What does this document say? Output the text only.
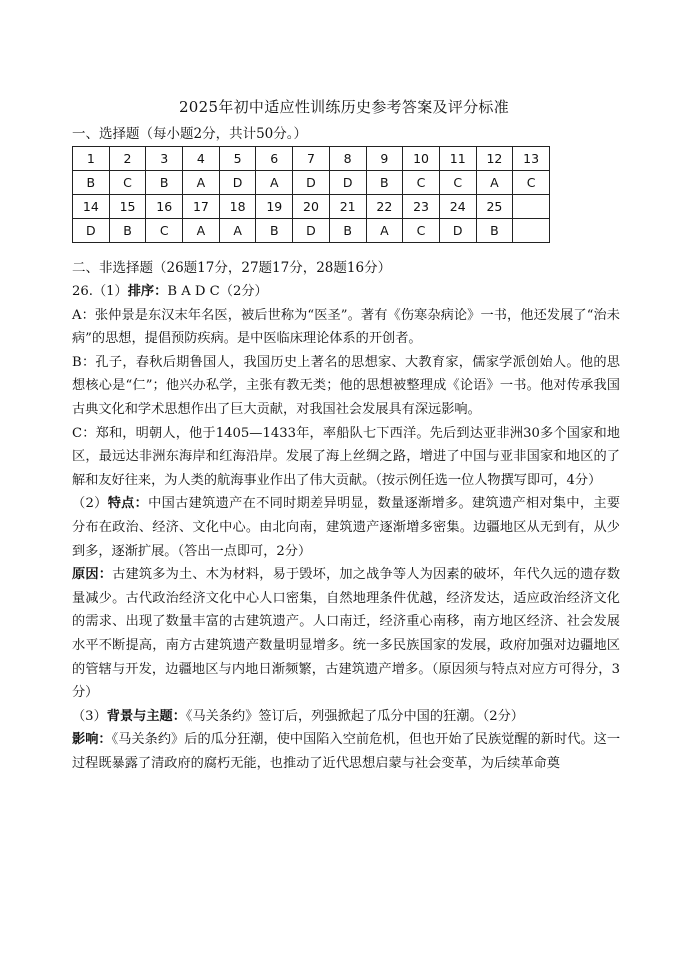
2025年初中适应性训练历史参考答案及评分标准
一、选择题（每小题2分，共计50分。）
1	2	3	4	5	6	7	8	9	10	11	12	13
B	C	B	A	D	A	D	D	B	C	C	A	C
14	15	16	17	18	19	20	21	22	23	24	25	
D	B	C	A	A	B	D	B	A	C	D	B	
二、非选择题（26题17分，27题17分，28题16分）

26.（1）排序：B A D C（2分）

A：张仲景是东汉末年名医，被后世称为“医圣”。著有《伤寒杂病论》一书，他还发展了“治未病”的思想，提倡预防疾病。是中医临床理论体系的开创者。

B：孔子，春秋后期鲁国人，我国历史上著名的思想家、大教育家，儒家学派创始人。他的思想核心是“仁”；他兴办私学，主张有教无类；他的思想被整理成《论语》一书。他对传承我国古典文化和学术思想作出了巨大贡献，对我国社会发展具有深远影响。

C：郑和，明朝人，他于1405—1433年，率船队七下西洋。先后到达亚非洲30多个国家和地区，最远达非洲东海岸和红海沿岸。发展了海上丝绸之路，增进了中国与亚非国家和地区的了解和友好往来，为人类的航海事业作出了伟大贡献。（按示例任选一位人物撰写即可，4分）

（2）特点：中国古建筑遗产在不同时期差异明显，数量逐渐增多。建筑遗产相对集中，主要分布在政治、经济、文化中心。由北向南，建筑遗产逐渐增多密集。边疆地区从无到有，从少到多，逐渐扩展。（答出一点即可，2分）

原因：古建筑多为土、木为材料，易于毁坏，加之战争等人为因素的破坏，年代久远的遗存数量减少。古代政治经济文化中心人口密集，自然地理条件优越，经济发达，适应政治经济文化的需求、出现了数量丰富的古建筑遗产。人口南迁，经济重心南移，南方地区经济、社会发展水平不断提高，南方古建筑遗产数量明显增多。统一多民族国家的发展，政府加强对边疆地区的管辖与开发，边疆地区与内地日渐频繁，古建筑遗产增多。（原因须与特点对应方可得分，3分）

（3）背景与主题：《马关条约》签订后，列强掀起了瓜分中国的狂潮。（2分）

影响：《马关条约》后的瓜分狂潮，使中国陷入空前危机，但也开始了民族觉醒的新时代。这一过程既暴露了清政府的腐朽无能，也推动了近代思想启蒙与社会变革，为后续革命奠
